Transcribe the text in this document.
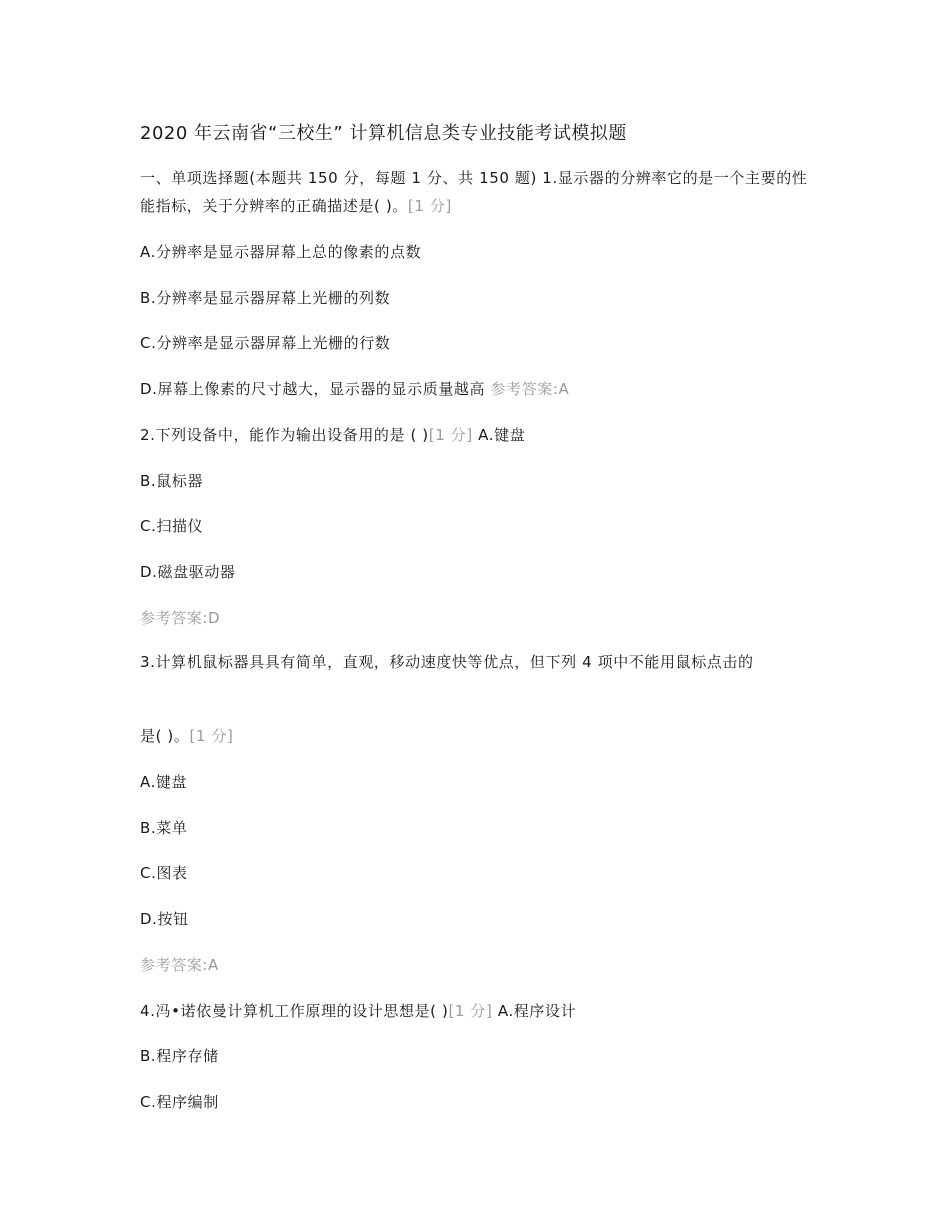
2020 年云南省“三校生” 计算机信息类专业技能考试模拟题
一、单项选择题(本题共 150 分，每题 1 分、共 150 题) 1.显示器的分辨率它的是一个主要的性能指标，关于分辨率的正确描述是( )。[1 分]
A.分辨率是显示器屏幕上总的像素的点数
B.分辨率是显示器屏幕上光栅的列数
C.分辨率是显示器屏幕上光栅的行数
D.屏幕上像素的尺寸越大，显示器的显示质量越高 参考答案:A
2.下列设备中，能作为输出设备用的是 ( )[1 分] A.键盘
B.鼠标器
C.扫描仪
D.磁盘驱动器
参考答案:D
3.计算机鼠标器具具有简单，直观，移动速度快等优点，但下列 4 项中不能用鼠标点击的
是( )。[1 分]
A.键盘
B.菜单
C.图表
D.按钮
参考答案:A
4.冯•诺依曼计算机工作原理的设计思想是( )[1 分] A.程序设计
B.程序存储
C.程序编制
